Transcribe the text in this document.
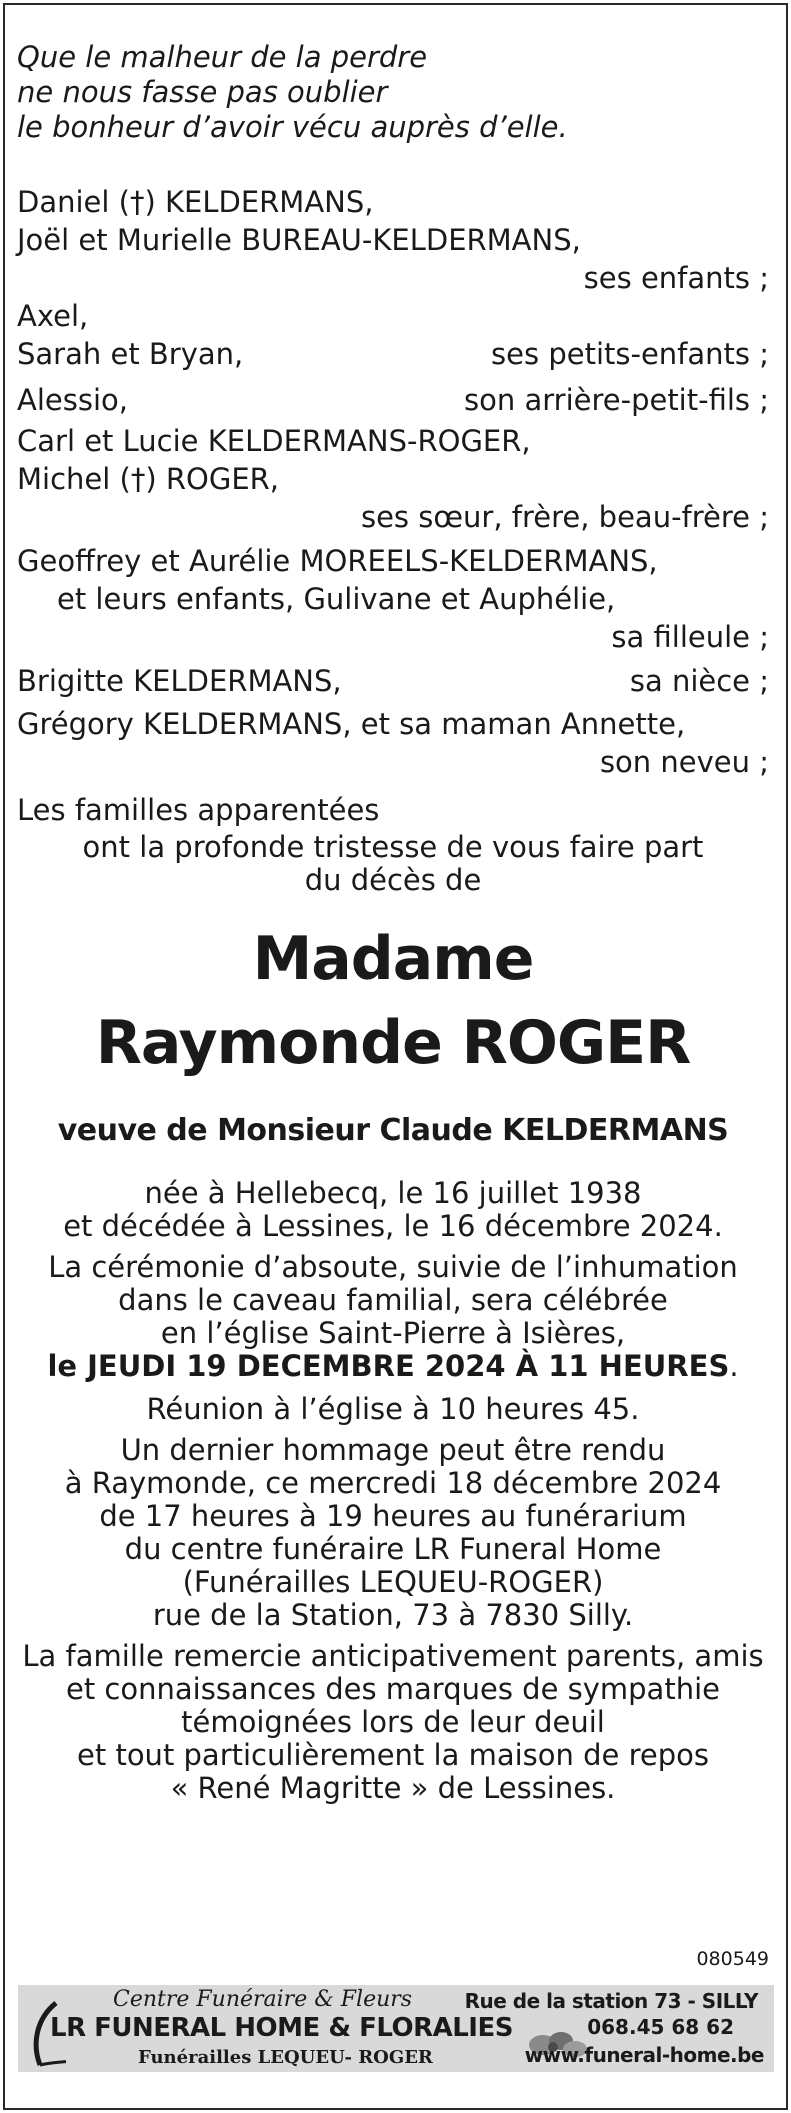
Que le malheur de la perdre
ne nous fasse pas oublier
le bonheur d’avoir vécu auprès d’elle.
Daniel (†) KELDERMANS,
Joël et Murielle BUREAU-KELDERMANS,
ses enfants ;
Axel,
Sarah et Bryan,	ses petits-enfants ;
Alessio,	son arrière-petit-fils ;
Carl et Lucie KELDERMANS-ROGER,
Michel (†) ROGER,
ses sœur, frère, beau-frère ;
Geoffrey et Aurélie MOREELS-KELDERMANS,
et leurs enfants, Gulivane et Auphélie,
sa filleule ;
Brigitte KELDERMANS,	sa nièce ;
Grégory KELDERMANS, et sa maman Annette,
son neveu ;
Les familles apparentées
ont la profonde tristesse de vous faire part
du décès de
Madame
Raymonde ROGER
veuve de Monsieur Claude KELDERMANS
née à Hellebecq, le 16 juillet 1938
et décédée à Lessines, le 16 décembre 2024.
La cérémonie d’absoute, suivie de l’inhumation
dans le caveau familial, sera célébrée
en l’église Saint-Pierre à Isières,
le JEUDI 19 DECEMBRE 2024 À 11 HEURES.
Réunion à l’église à 10 heures 45.
Un dernier hommage peut être rendu
à Raymonde, ce mercredi 18 décembre 2024
de 17 heures à 19 heures au funérarium
du centre funéraire LR Funeral Home
(Funérailles LEQUEU-ROGER)
rue de la Station, 73 à 7830 Silly.
La famille remercie anticipativement parents, amis
et connaissances des marques de sympathie
témoignées lors de leur deuil
et tout particulièrement la maison de repos
« René Magritte » de Lessines.
080549
Centre Funéraire & Fleurs
LR FUNERAL HOME & FLORALIES
Funérailles LEQUEU- ROGER
Rue de la station 73 - SILLY
068.45 68 62
www.funeral-home.be
